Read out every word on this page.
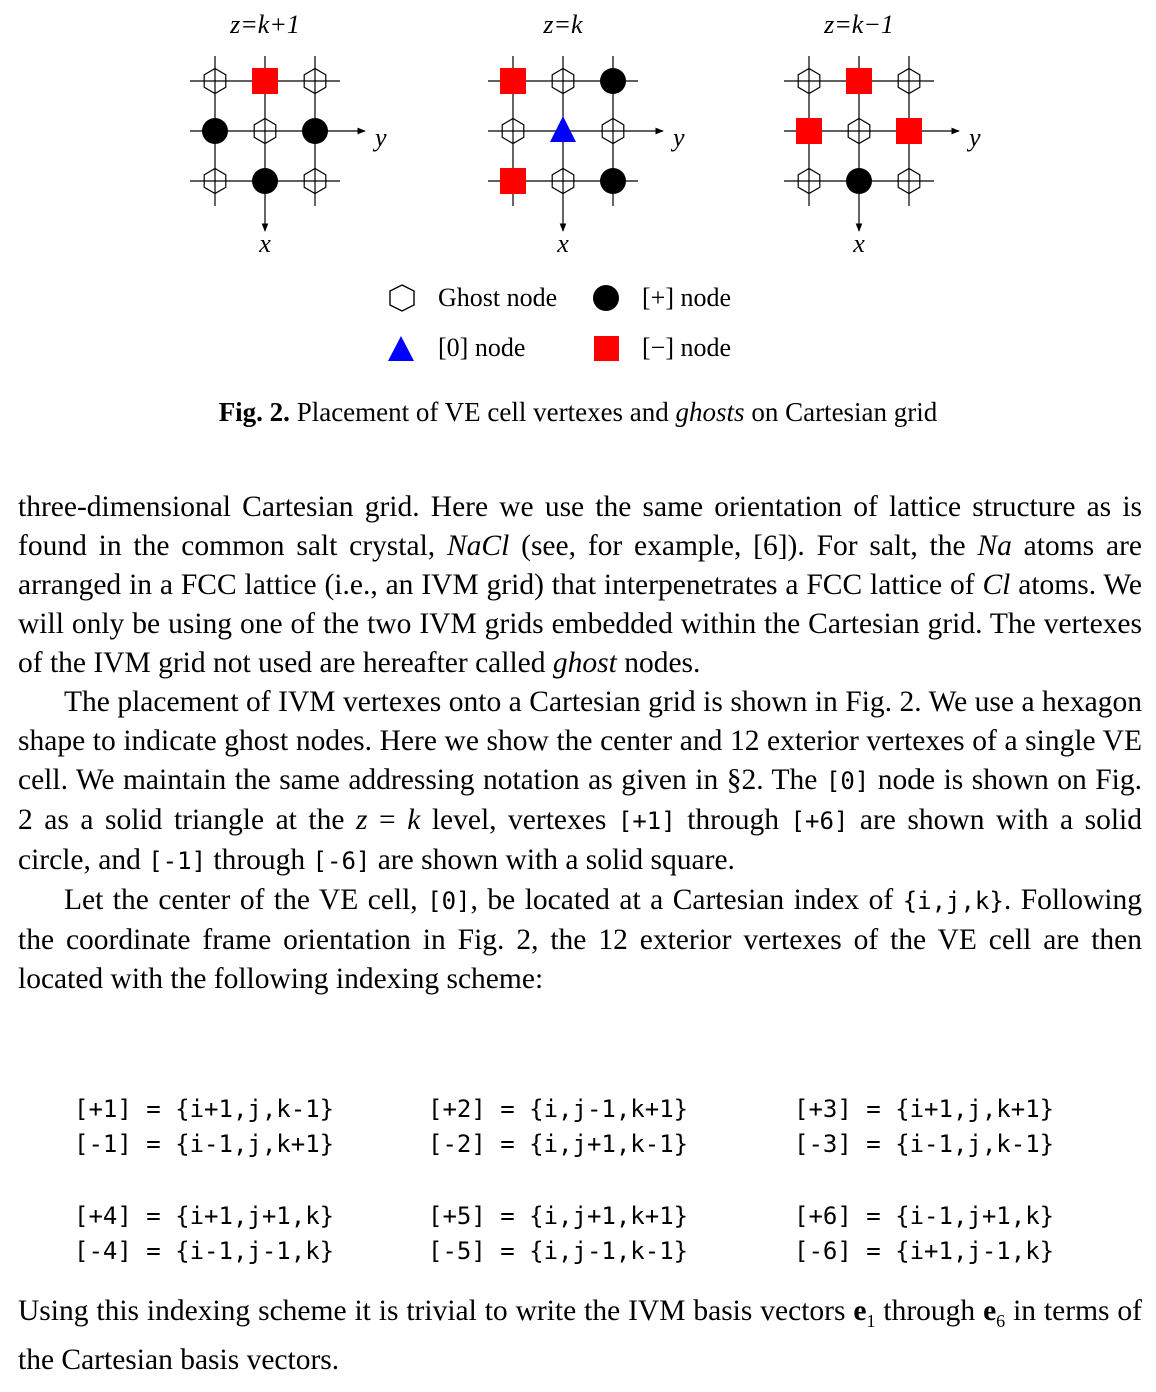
z=k+1
y
x
z=k
y
x
z=k−1
y
x
Ghost node	[+] node
[0] node	[−] node
Fig. 2. Placement of VE cell vertexes and ghosts on Cartesian grid

three-dimensional Cartesian grid. Here we use the same orientation of lattice structure as is found in the common salt crystal, NaCl (see, for example, [6]). For salt, the Na atoms are arranged in a FCC lattice (i.e., an IVM grid) that interpenetrates a FCC lattice of Cl atoms. We will only be using one of the two IVM grids embedded within the Cartesian grid. The vertexes of the IVM grid not used are hereafter called ghost nodes.

The placement of IVM vertexes onto a Cartesian grid is shown in Fig. 2. We use a hexagon shape to indicate ghost nodes. Here we show the center and 12 exterior vertexes of a single VE cell. We maintain the same addressing notation as given in §2. The [0] node is shown on Fig. 2 as a solid triangle at the z = k level, vertexes [+1] through [+6] are shown with a solid circle, and [-1] through [-6] are shown with a solid square.

Let the center of the VE cell, [0], be located at a Cartesian index of {i,j,k}. Following the coordinate frame orientation in Fig. 2, the 12 exterior vertexes of the VE cell are then located with the following indexing scheme:

[+1] = {i+1,j,k-1}	[+2] = {i,j-1,k+1}	[+3] = {i+1,j,k+1}
[-1] = {i-1,j,k+1}	[-2] = {i,j+1,k-1}	[-3] = {i-1,j,k-1}
[+4] = {i+1,j+1,k}	[+5] = {i,j+1,k+1}	[+6] = {i-1,j+1,k}
[-4] = {i-1,j-1,k}	[-5] = {i,j-1,k-1}	[-6] = {i+1,j-1,k}
Using this indexing scheme it is trivial to write the IVM basis vectors $e_1$ through $e_6$ in terms of the Cartesian basis vectors.
